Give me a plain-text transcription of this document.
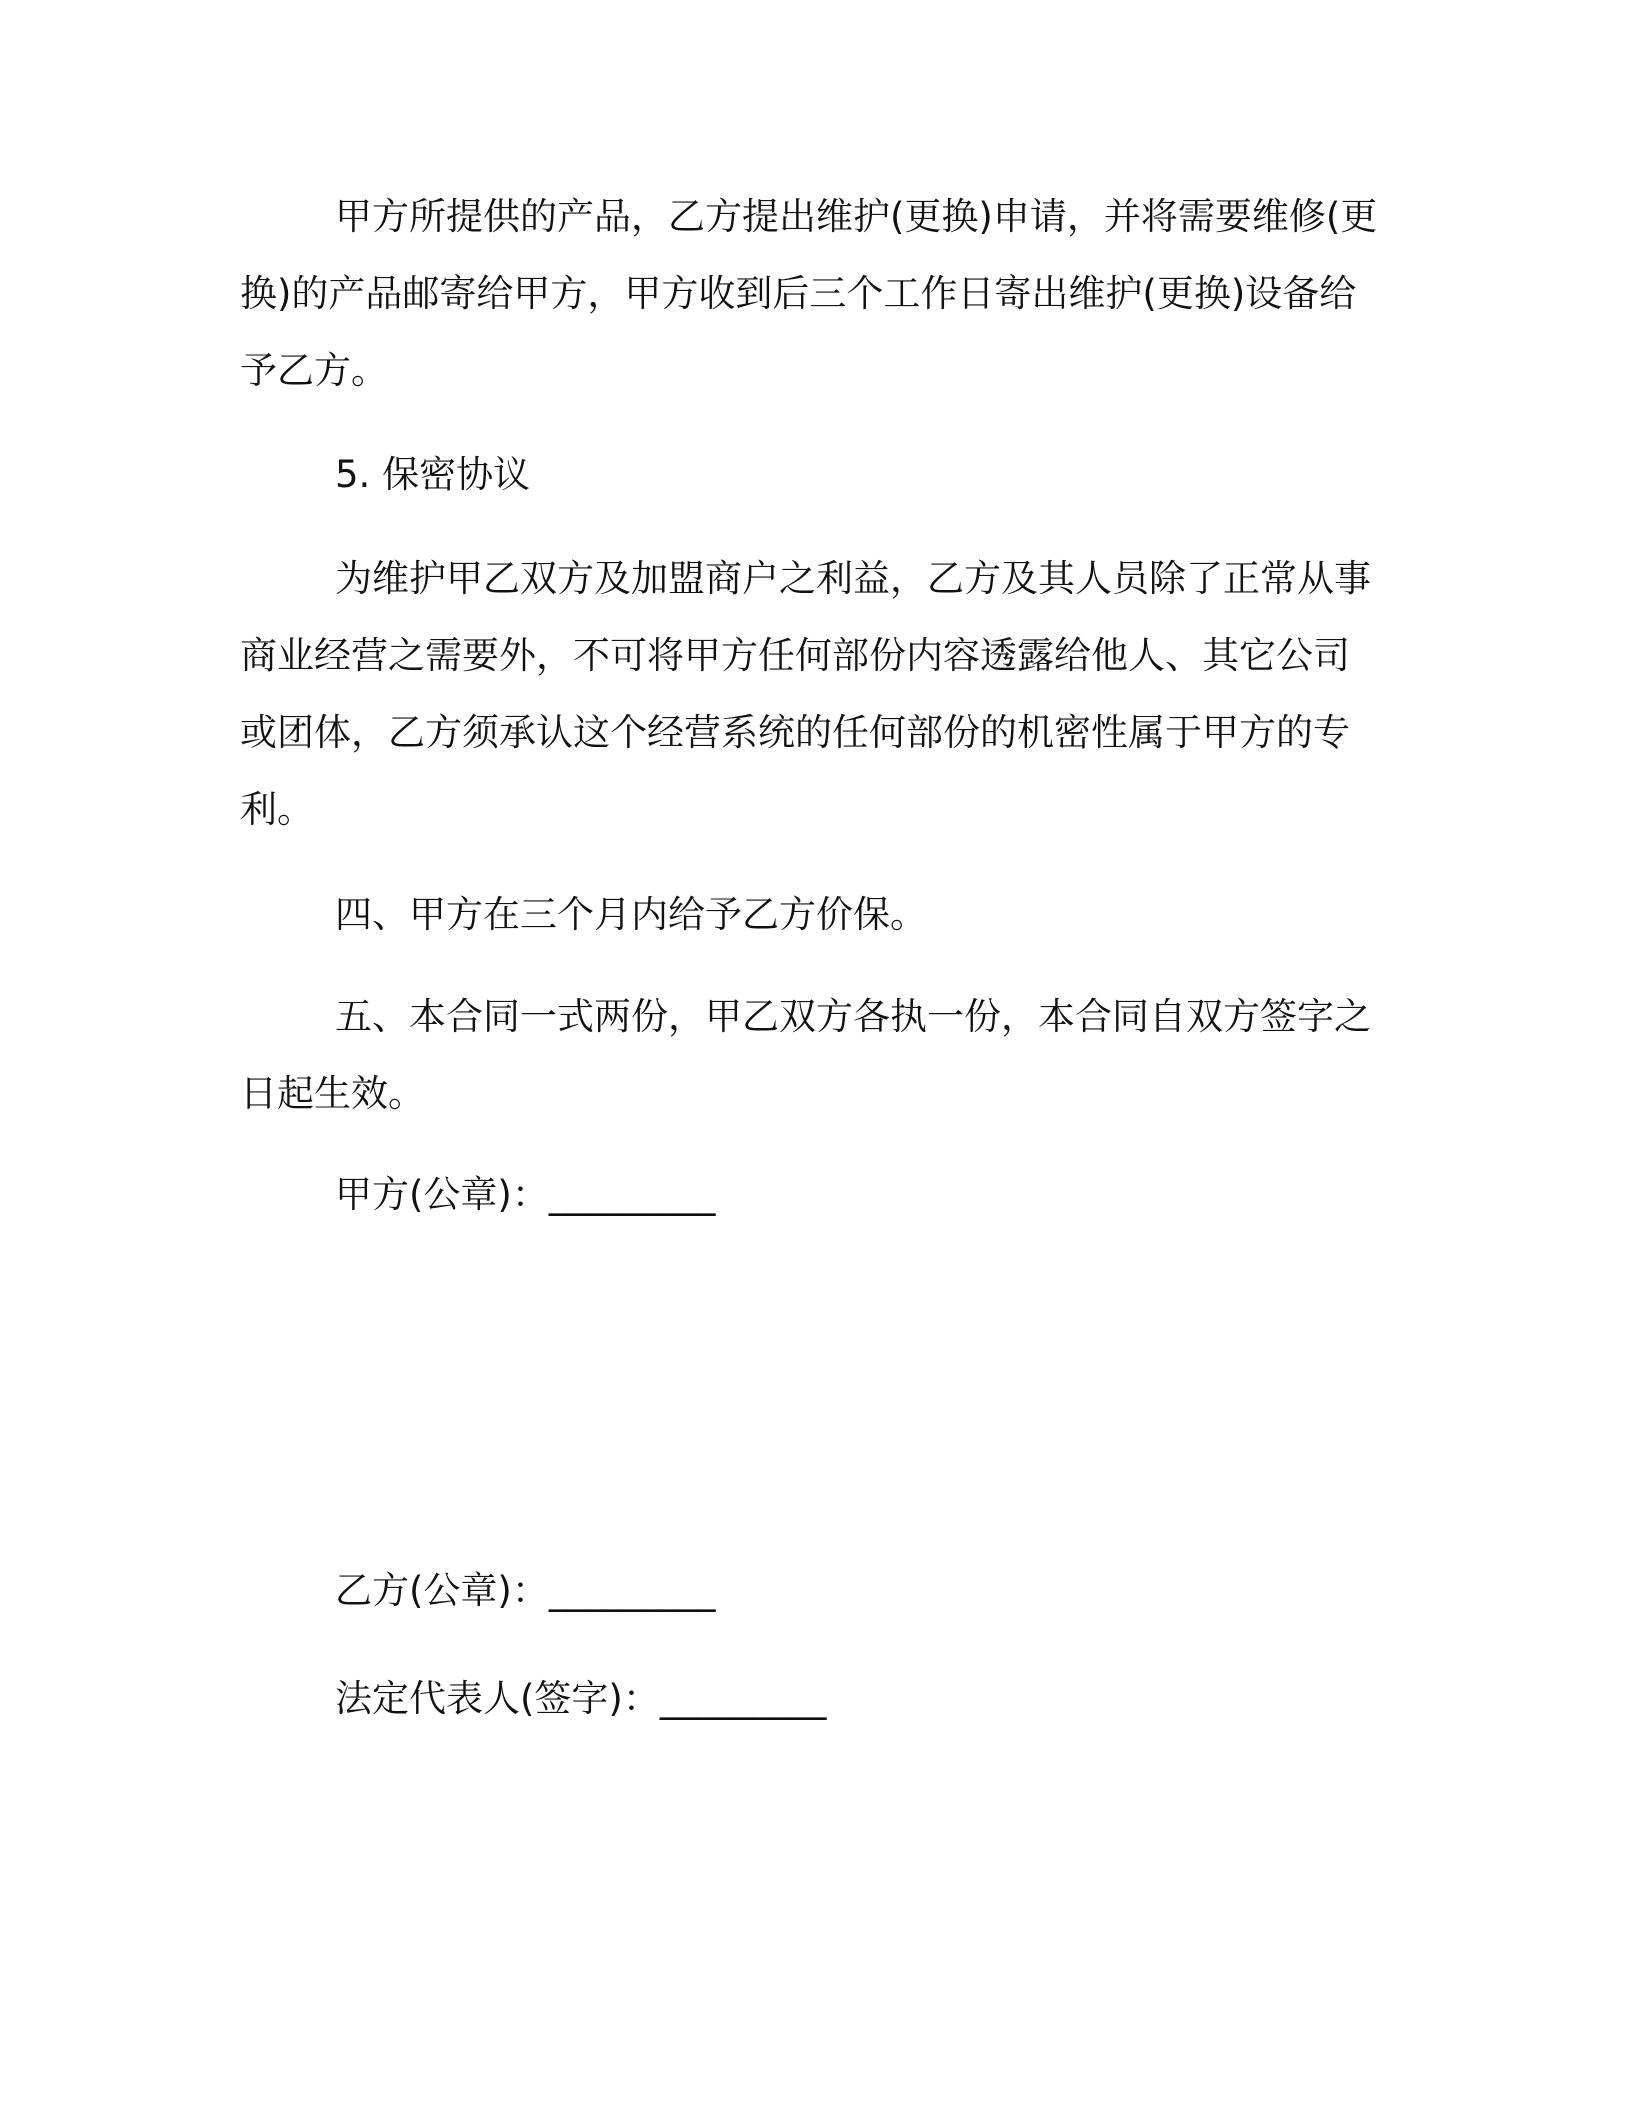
甲方所提供的产品，乙方提出维护(更换)申请，并将需要维修(更
换)的产品邮寄给甲方，甲方收到后三个工作日寄出维护(更换)设备给
予乙方。

5. 保密协议

为维护甲乙双方及加盟商户之利益，乙方及其人员除了正常从事
商业经营之需要外，不可将甲方任何部份内容透露给他人、其它公司
或团体，乙方须承认这个经营系统的任何部份的机密性属于甲方的专
利。

四、甲方在三个月内给予乙方价保。

五、本合同一式两份，甲乙双方各执一份，本合同自双方签字之
日起生效。

甲方(公章)：_________

乙方(公章)：_________

法定代表人(签字)：_________
